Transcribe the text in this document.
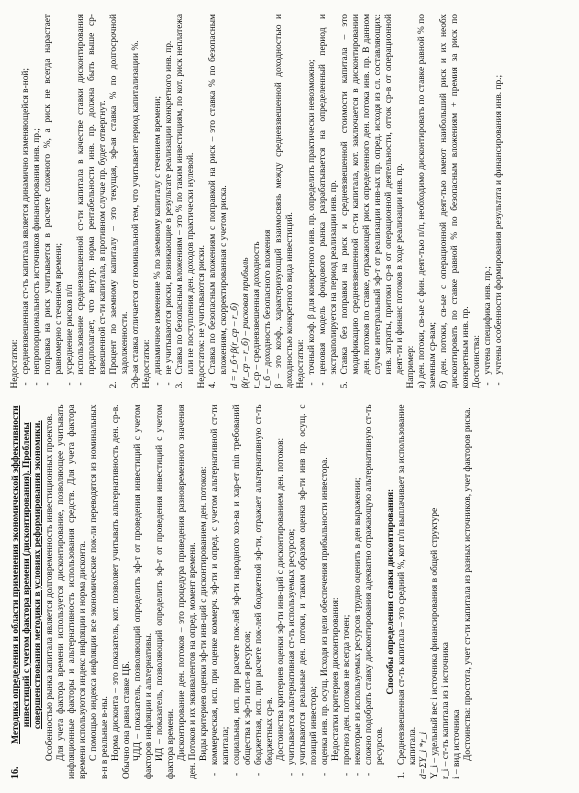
16.
Методика определения и области применения экономической эффективности инвестиций с учетом фактора времени (дисконтирования). Проблемы совершенствования методики в условиях реформирования экономики. Особенностью рынка капитала является долговременность инвестиционных проектов. Для учета фактора времени используется дисконтирование, позволяющее учитывать инфляционные факторы и альтернативность использования средств. Для учета фактора времени используются индекс инфляции и норма дисконта. С помощью индекса инфляции все экономические пок-ли переводятся из номинальных в-н в реальные в-ны. Норма дисконта – это показатель, кот. позволяет учитывать альтернативность ден. ср-в. Обычно она равна ставке ЦБ. ЧДД – показатель, позволяющий определить эф-т от проведения инвестиций с учетом факторов инфляции и альтернативы. ИД – показатель, позволяющий определить эф-т от проведения инвестиций с учетом фактора времени. Дисконтирование ден. потоков – это процедура приведения разновременного значения ден. Потоков и их эквивалентов на опред. момент времени. Виды критериев оценки эф-ти инв-ций с дисконтированием ден. потоков: - коммерческая, исп. при оценке коммерч. эф-ти и опред. с учетом альтернативной ст-ти капитала; - социальная, исп. при расчете пок-лей эф-ти народного хоз-ва и хар-ет min требований общества к эф-ти исп-я ресурсов; - бюджетная, исп. при расчете пок-лей бюджетной эф-ти, отражает альтернативную ст-ть бюджетных ср-в. Достоинства критериев оценки эф-ти инв-ций с дисконтированием ден. потоков: - учитывается альтернативная ст-ть используемых ресурсов; - учитываются реальные ден. потоки, и таким образом оценка эф-ти инв пр. осущ. с позиций инвестора; - оценка инв. пр. осущ. Исходя из цели обеспечения прибыльности инвестора. Недостатки критериев дисконтирования: - прогноз ден. потоков не всегда точен; - некоторые из используемых ресурсов трудно оценить в ден выражении; - сложно подобрать ставку дисконтирования адекватно отражающую альтернативную ст-ть ресурсов.

Способы определения ставки дисконтирования:

1.
Средневзвешенная ст-ть капитала – это средний %, кот п/п выплачивает за использование капитала. d=ΣY_i *r_i Y_i – удельный вес i источника финансирования в общей структуре r_i – ст-ть капитала из i источника i – вид источника Достоинства: простота, учет ст-ти капитала из разных источников, учет факторов риска.

Недостатки: - средневзвешенная ст-ть капитала является динамично изменяющейся в-ной; - непропорциональность источников финансирования инв. пр.; - поправка на риск учитывается в расчете сложного %, а риск не всегда нарастает равномерно с течением времени; - усреднение рисков п/п - использование средневзвешенной ст-ти капитала в качестве ставки дисконтирования предполагает, что внутр. норма рентабельности инв. пр. должна быть выше ср-взвешенной ст-ти капитала, в противном случае пр. будет отвергнут.

2.
Процент по заемному капиталу – это текущая, эф-ая ставка % по долгосрочной задолженности. Эф-ая ставка отличается от номинальной тем, что учитывает период капитализации %. Недостатки: - динамичное изменение % по заемному капиталу с течением времени; - не учитываются риски, возникающие в результате реализации конкретного инв. пр.

3.
Ставка по безопасным вложениям – это % по таким инвестициям, по кот. риск неплатежа или не поступления ден. доходов практически нулевой. Недостаток: не учитываются риски. 4.
Ставка по безопасным вложениям с поправкой на риск – это ставка % по безопасным вложениям, скорректированная с учетом риска. d = r_б+β(r_ср – r_б) β(r_ср – r_б) – рисковая прибыль r_ср – средневзвешенная доходность r_б – доходность безопасного вложения β – это коэф., характеризующий взаимосвязь между средневзвешенной доходностью и доходностью конкретного вида инвестиций. Недостатки: - точный коэф. β для конкретного инв. пр. определить практически невозможно; - ценовая модель фондового рынка разрабатывается на определенный период и экстраполируется на период реализации инв. пр.

5.
Ставка без поправки на риск и средневзвешенной стоимости капитала – это модификацию средневзвешенной ст-ти капитала, кот. заключается в дисконтировании ден. потоков по ставке, отражающей риск определенного ден. потока инв. пр. В данном случае интегральный эф-т от реализации инв-ых пр. опред. исходя из сл. составляющих: инв. затраты, притоки ср-в от операционной деятельности, отток ср-в от операционной деят-ти и финанс потоков в ходе реализации инв. пр. Например: а) ден. потоки, св-ые с фин. деят-тью п/п, необходимо дисконтировать по ставке равной % по заемным ср-вам; б) ден. потоки, св-ые с операционной деят-тью имеют наибольший риск и их необх дисконтировать по ставке равной % по безопасным вложениям + премия за риск по конкретным инв. пр. Достоинства: - учтена специфика инв. пр.; - учтены особенности формирования результата и финансирования инв. пр.;
